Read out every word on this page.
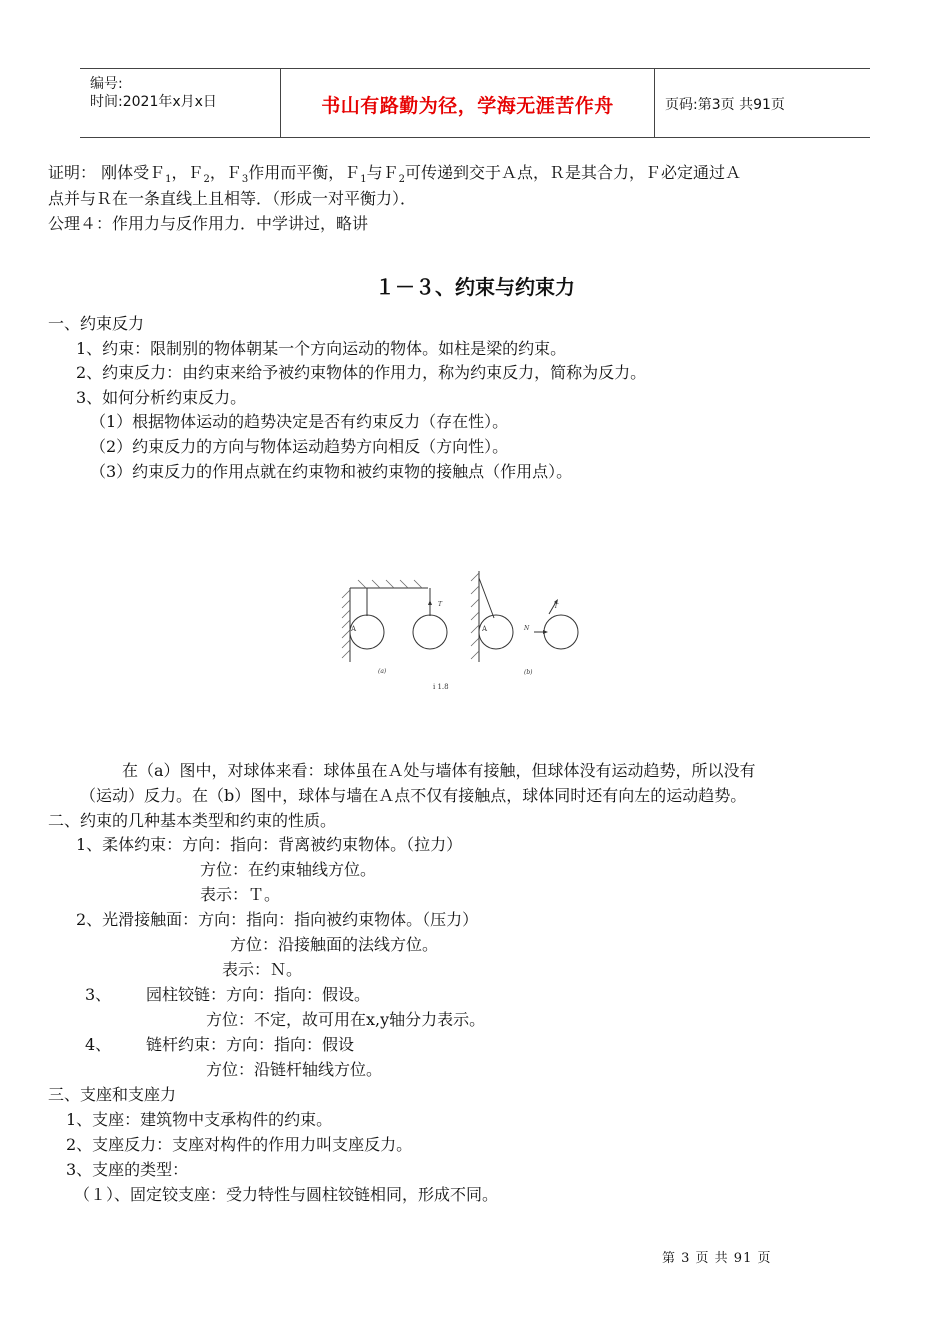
编号:
时间:2021年x月x日	书山有路勤为径，学海无涯苦作舟	页码:第3页 共91页
证明： 刚体受Ｆ$_1$，Ｆ$_2$，Ｆ$_3$作用而平衡，Ｆ$_1$与Ｆ$_2$可传递到交于Ａ点，Ｒ是其合力，Ｆ必定通过Ａ
点并与Ｒ在一条直线上且相等．（形成一对平衡力）．
公理４：作用力与反作用力．中学讲过，略讲
１－３、约束与约束力
一、约束反力
1、约束：限制别的物体朝某一个方向运动的物体。如柱是梁的约束。
2、约束反力：由约束来给予被约束物体的作用力，称为约束反力，简称为反力。
3、如何分析约束反力。
（1）根据物体运动的趋势决定是否有约束反力（存在性）。
（2）约束反力的方向与物体运动趋势方向相反（方向性）。
（3）约束反力的作用点就在约束物和被约束物的接触点（作用点）。
A
T
(a)
A	N
T
(b)
i 1.8
在（a）图中，对球体来看：球体虽在Ａ处与墙体有接触，但球体没有运动趋势，所以没有
（运动）反力。在（b）图中，球体与墙在Ａ点不仅有接触点，球体同时还有向左的运动趋势。
二、约束的几种基本类型和约束的性质。
1、柔体约束：方向：指向：背离被约束物体。（拉力）
方位：在约束轴线方位。
表示：Ｔ。
2、光滑接触面：方向：指向：指向被约束物体。（压力）
方位：沿接触面的法线方位。
表示：Ｎ。
3、 园柱铰链：方向：指向：假设。
方位：不定，故可用在x,y轴分力表示。
4、 链杆约束：方向：指向：假设
方位：沿链杆轴线方位。
三、支座和支座力
1、支座：建筑物中支承构件的约束。
2、支座反力：支座对构件的作用力叫支座反力。
3、支座的类型：
（１）、固定铰支座：受力特性与圆柱铰链相同，形成不同。
第 3 页 共 91 页
